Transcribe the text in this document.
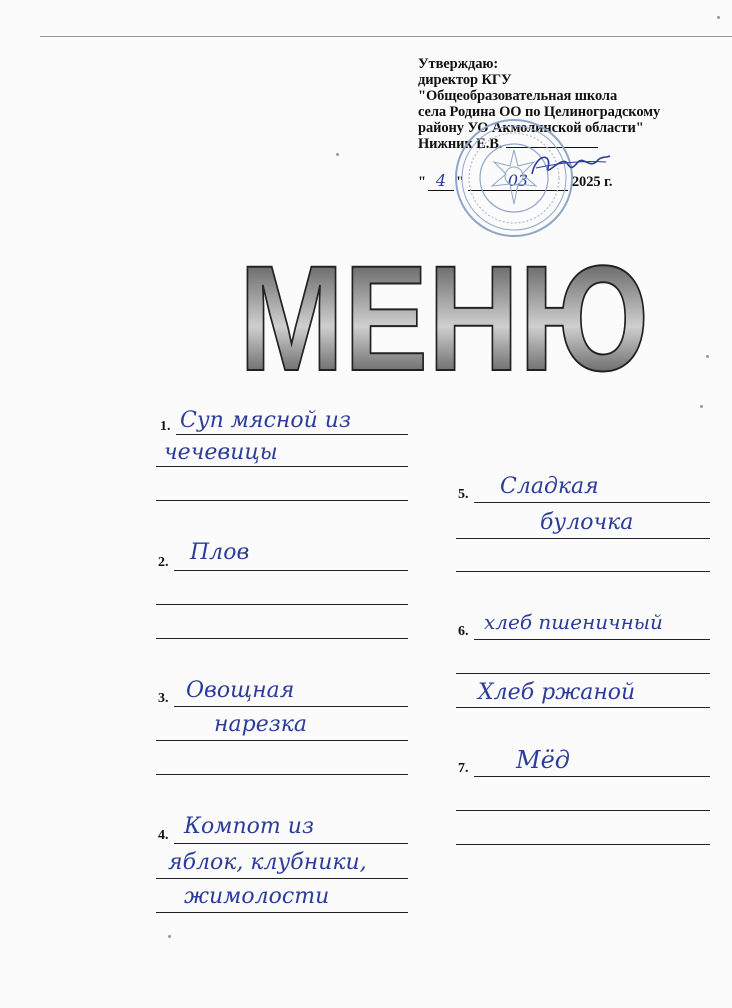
Утверждаю:
директор КГУ
"Общеобразовательная школа
села Родина ОО по Целиноградскому
району УО Акмолинской области"
Нижник Е.В.
" 4 "	03	2025 г.
МЕНЮ
1. Суп мясной из
чечевицы
2. Плов
3. Овощная
нарезка
4. Компот из
яблок, клубники,
жимолости
5. Сладкая
булочка
6. хлеб пшеничный
Хлеб ржаной
7. Мёд
